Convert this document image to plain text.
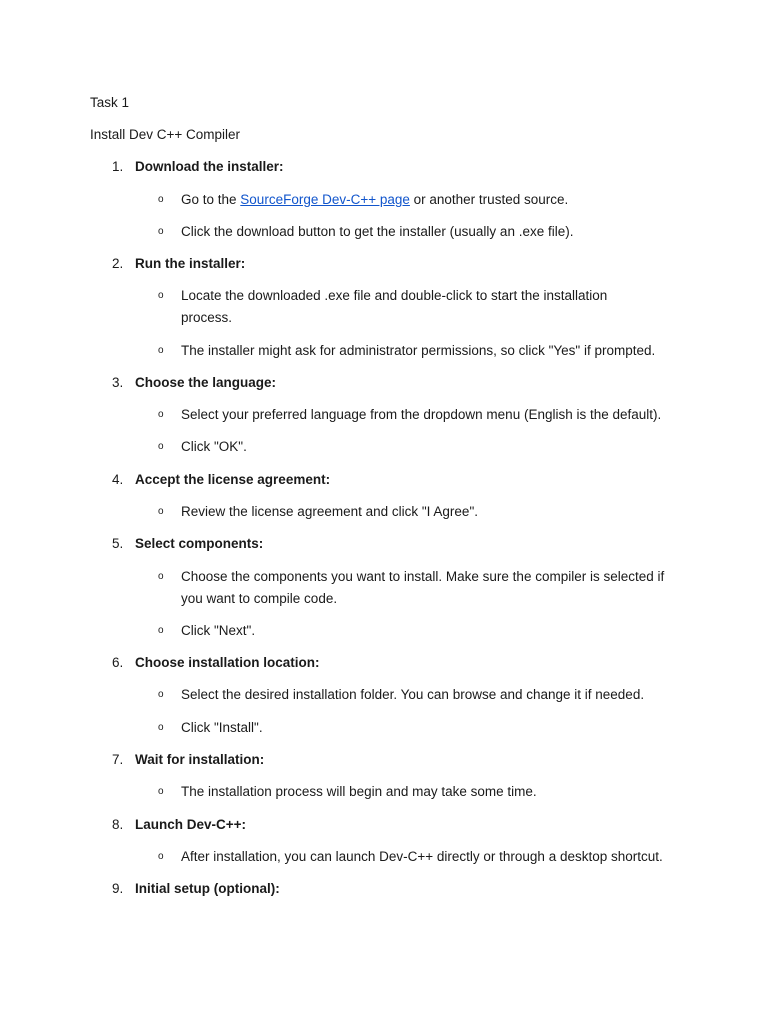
Task 1
Install Dev C++ Compiler
1. Download the installer:
o Go to the SourceForge Dev-C++ page or another trusted source.
o Click the download button to get the installer (usually an .exe file).
2. Run the installer:
o Locate the downloaded .exe file and double-click to start the installation
process.
o The installer might ask for administrator permissions, so click "Yes" if prompted.
3. Choose the language:
o Select your preferred language from the dropdown menu (English is the default).
o Click "OK".
4. Accept the license agreement:
o Review the license agreement and click "I Agree".
5. Select components:
o Choose the components you want to install. Make sure the compiler is selected if
you want to compile code.
o Click "Next".
6. Choose installation location:
o Select the desired installation folder. You can browse and change it if needed.
o Click "Install".
7. Wait for installation:
o The installation process will begin and may take some time.
8. Launch Dev-C++:
o After installation, you can launch Dev-C++ directly or through a desktop shortcut.
9. Initial setup (optional):
